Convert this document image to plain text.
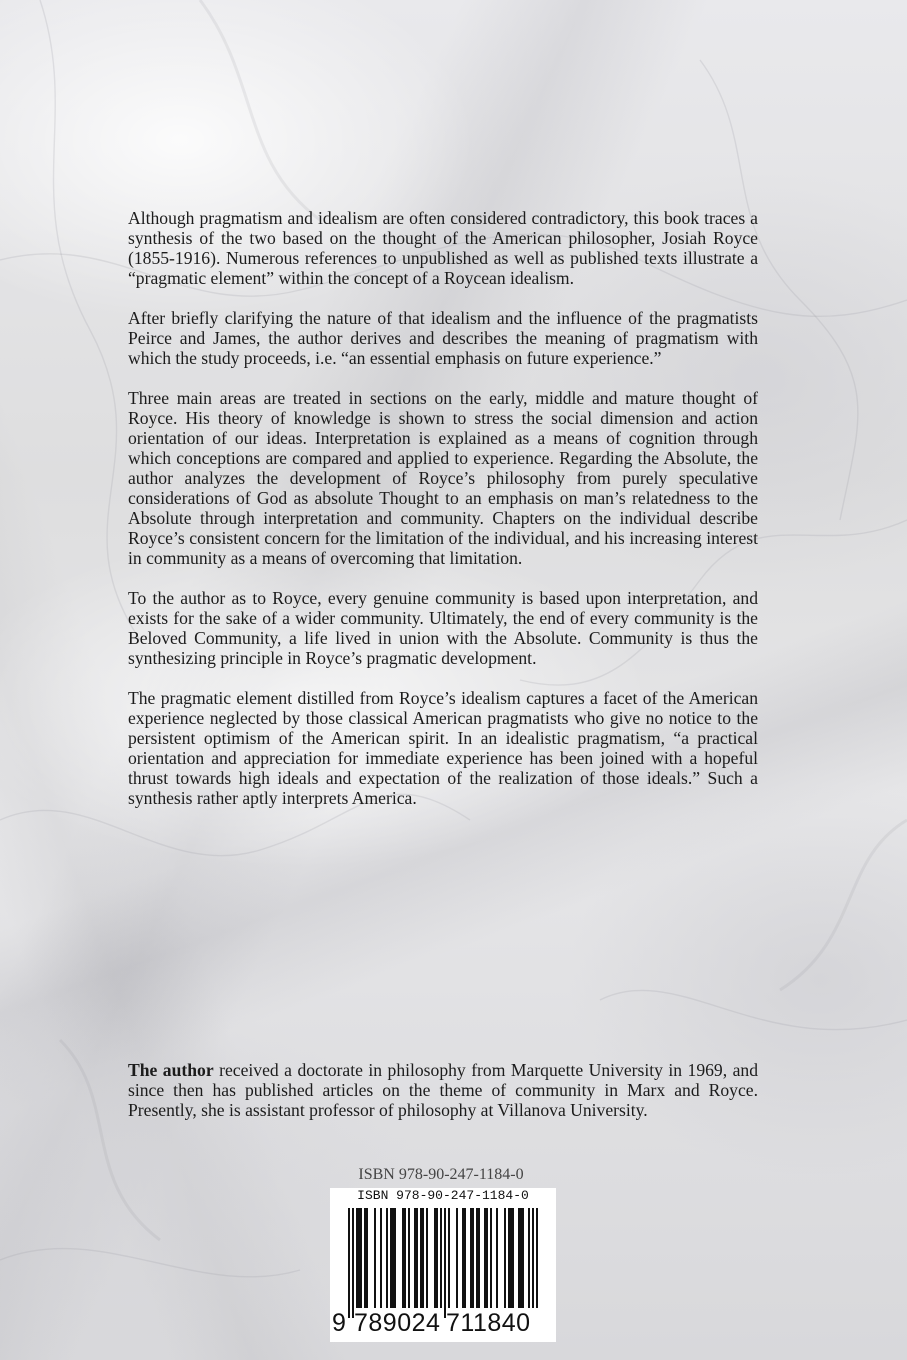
Although pragmatism and idealism are often considered contradictory, this book traces a synthesis of the two based on the thought of the American philosopher, Josiah Royce (1855-1916). Numerous references to unpublished as well as published texts illustrate a “pragmatic element” within the concept of a Roycean idealism.

After briefly clarifying the nature of that idealism and the influence of the pragmatists Peirce and James, the author derives and describes the meaning of pragmatism with which the study proceeds, i.e. “an essential emphasis on future experience.”

Three main areas are treated in sections on the early, middle and mature thought of Royce. His theory of knowledge is shown to stress the social dimension and action orientation of our ideas. Interpretation is explained as a means of cognition through which conceptions are compared and applied to experience. Regarding the Absolute, the author analyzes the development of Royce’s philosophy from purely speculative considerations of God as absolute Thought to an emphasis on man’s relatedness to the Absolute through interpretation and community. Chapters on the individual describe Royce’s consistent concern for the limitation of the individual, and his increasing interest in community as a means of overcoming that limitation.

To the author as to Royce, every genuine community is based upon interpretation, and exists for the sake of a wider community. Ultimately, the end of every community is the Beloved Community, a life lived in union with the Absolute. Community is thus the synthesizing principle in Royce’s pragmatic development.

The pragmatic element distilled from Royce’s idealism captures a facet of the American experience neglected by those classical American pragmatists who give no notice to the persistent optimism of the American spirit. In an idealistic pragmatism, “a practical orientation and appreciation for immediate experience has been joined with a hopeful thrust towards high ideals and expectation of the realization of those ideals.” Such a synthesis rather aptly interprets America.

The author received a doctorate in philosophy from Marquette University in 1969, and since then has published articles on the theme of community in Marx and Royce. Presently, she is assistant professor of philosophy at Villanova University.
ISBN 978-90-247-1184-0
ISBN 978-90-247-1184-0
9 789024 711840
